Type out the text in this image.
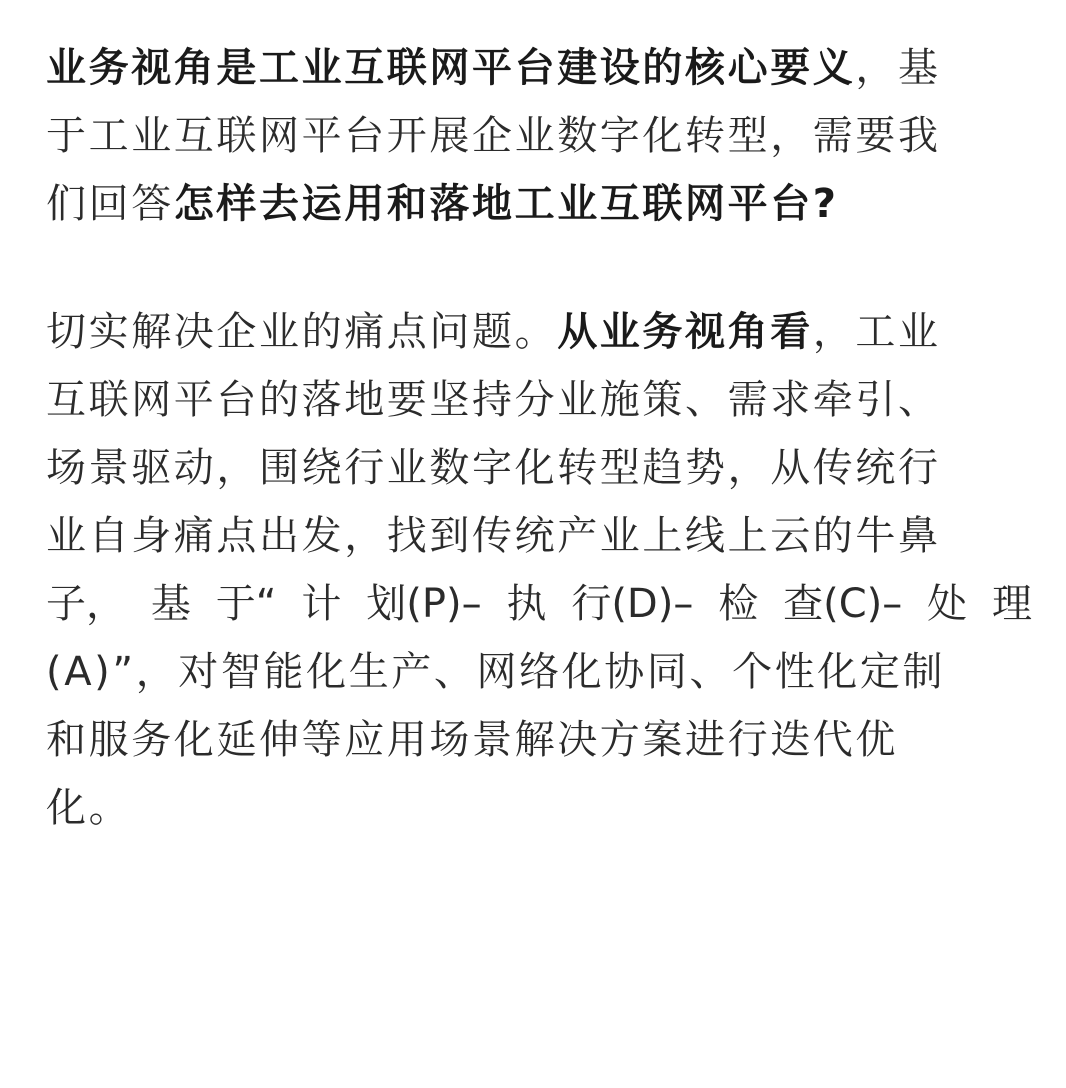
业务视角是工业互联网平台建设的核心要义，基
于工业互联网平台开展企业数字化转型，需要我
们回答怎样去运用和落地工业互联网平台?

切实解决企业的痛点问题。从业务视角看，工业
互联网平台的落地要坚持分业施策、需求牵引、
场景驱动，围绕行业数字化转型趋势，从传统行
业自身痛点出发，找到传统产业上线上云的牛鼻
子， 基 于“ 计 划(P)– 执 行(D)– 检 查(C)– 处 理
(A)”，对智能化生产、网络化协同、个性化定制
和服务化延伸等应用场景解决方案进行迭代优
化。
